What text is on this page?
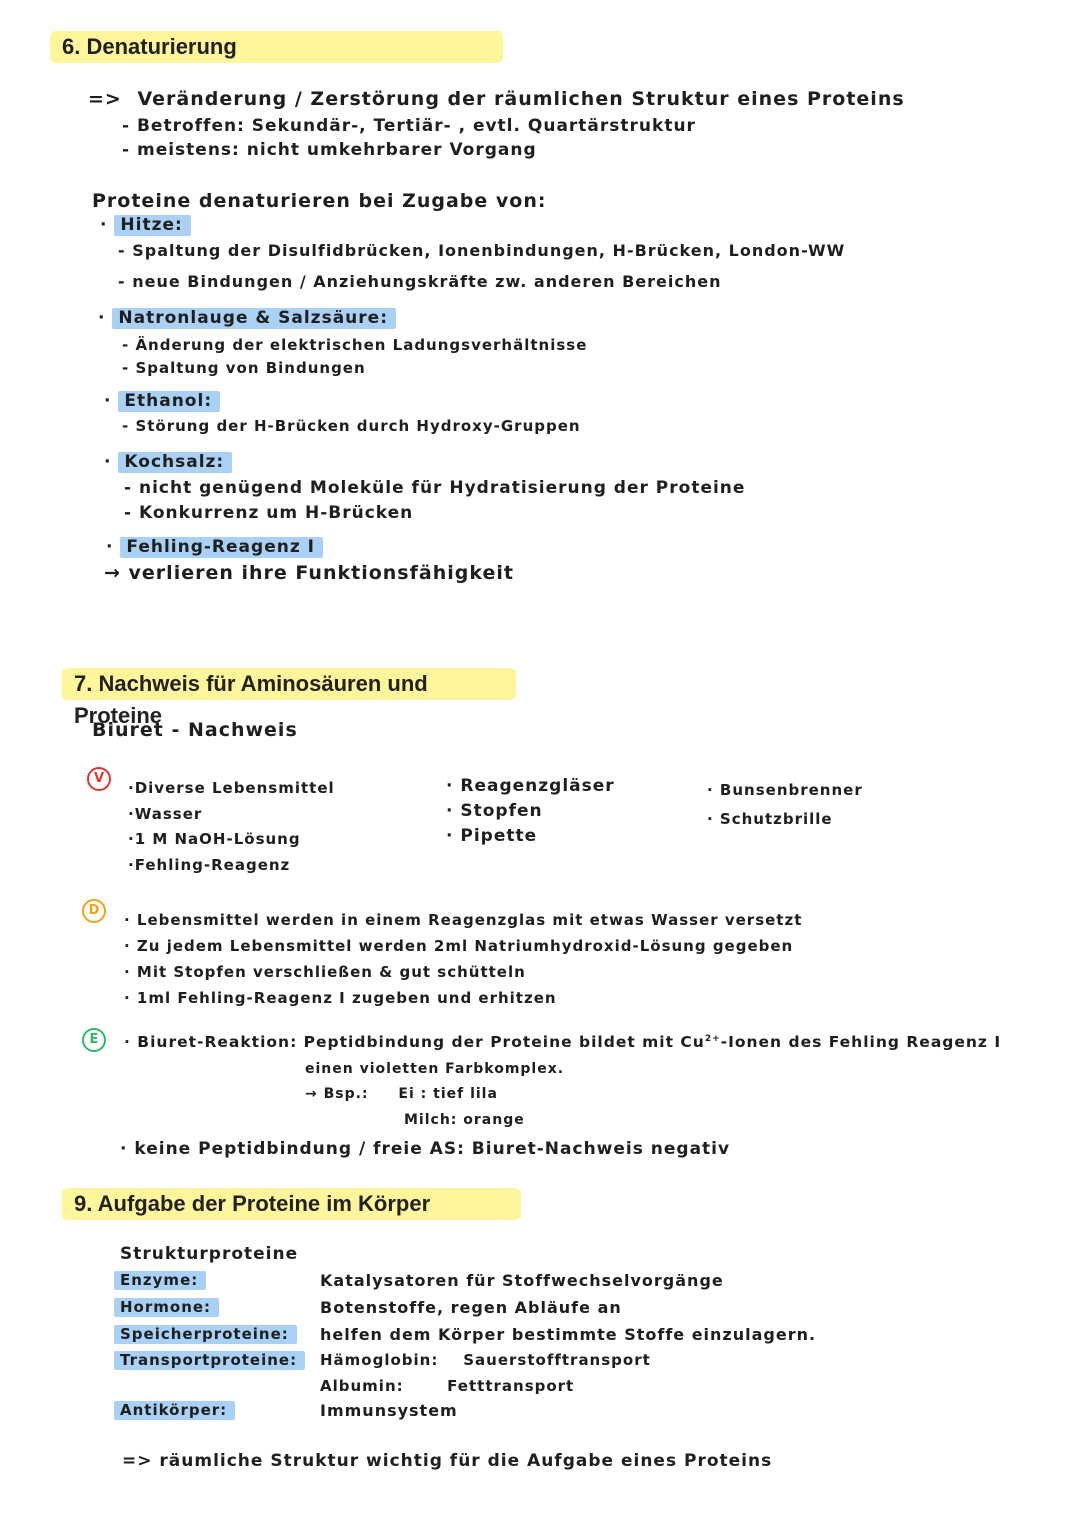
6. Denaturierung
=> Veränderung / Zerstörung der räumlichen Struktur eines Proteins
- Betroffen: Sekundär-, Tertiär- , evtl. Quartärstruktur
- meistens: nicht umkehrbarer Vorgang
Proteine denaturieren bei Zugabe von:
· Hitze:
- Spaltung der Disulfidbrücken, Ionenbindungen, H-Brücken, London-WW
- neue Bindungen / Anziehungskräfte zw. anderen Bereichen
· Natronlauge & Salzsäure:
- Änderung der elektrischen Ladungsverhältnisse
- Spaltung von Bindungen
· Ethanol:
- Störung der H-Brücken durch Hydroxy-Gruppen
· Kochsalz:
- nicht genügend Moleküle für Hydratisierung der Proteine
- Konkurrenz um H-Brücken
· Fehling-Reagenz I
→ verlieren ihre Funktionsfähigkeit
7. Nachweis für Aminosäuren und Proteine
Biuret - Nachweis
V
·Diverse Lebensmittel
·Wasser
·1 M NaOH-Lösung
·Fehling-Reagenz
· Reagenzgläser
· Stopfen
· Pipette
· Bunsenbrenner
· Schutzbrille
D
· Lebensmittel werden in einem Reagenzglas mit etwas Wasser versetzt
· Zu jedem Lebensmittel werden 2ml Natriumhydroxid-Lösung gegeben
· Mit Stopfen verschließen & gut schütteln
· 1ml Fehling-Reagenz I zugeben und erhitzen
E	· Biuret-Reaktion: Peptidbindung der Proteine bildet mit $Cu^{2+}$-Ionen des Fehling Reagenz I
einen violetten Farbkomplex.
→ Bsp.: Ei : tief lila
Milch: orange
· keine Peptidbindung / freie AS: Biuret-Nachweis negativ
9. Aufgabe der Proteine im Körper
Strukturproteine
Enzyme:	Katalysatoren für Stoffwechselvorgänge
Hormone:	Botenstoffe, regen Abläufe an
Speicherproteine: helfen dem Körper bestimmte Stoffe einzulagern.
Transportproteine: Hämoglobin:    Sauerstofftransport
Albumin:       Fetttransport
Antikörper:	Immunsystem
=> räumliche Struktur wichtig für die Aufgabe eines Proteins
